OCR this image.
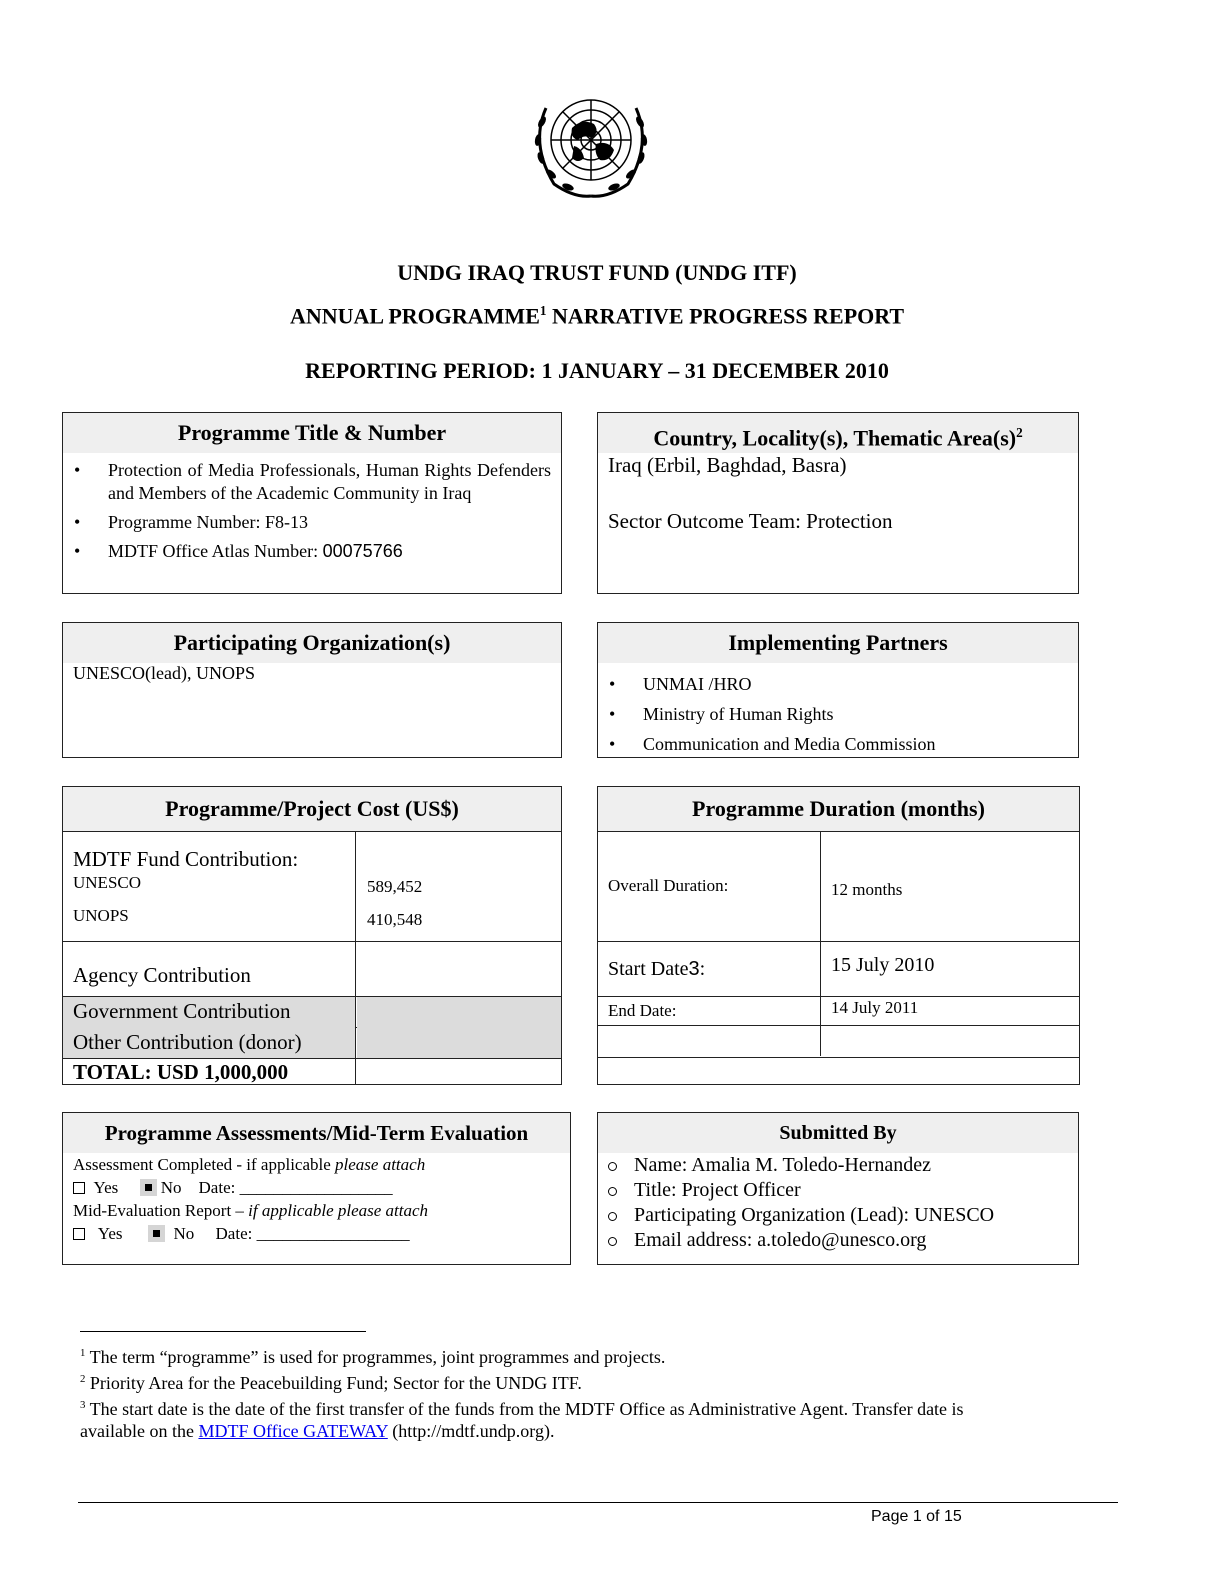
UNDG IRAQ TRUST FUND (UNDG ITF)
ANNUAL PROGRAMME$^1$ NARRATIVE PROGRESS REPORT
REPORTING PERIOD: 1 JANUARY – 31 DECEMBER 2010
Programme Title & Number
• Protection of Media Professionals, Human Rights Defenders and Members of the Academic Community in Iraq
• Programme Number: F8-13
• MDTF Office Atlas Number: 00075766
Country, Locality(s), Thematic $Area(s)^2$
Iraq (Erbil, Baghdad, Basra)
Sector Outcome Team: Protection
Participating Organization(s)
UNESCO(lead), UNOPS
Implementing Partners
• UNMAI /HRO
• Ministry of Human Rights
• Communication and Media Commission
Programme/Project Cost (US$)
MDTF Fund Contribution:
UNESCO	589,452
UNOPS	410,548
Agency Contribution
Government Contribution
Other Contribution (donor)
TOTAL: USD 1,000,000
Programme Duration (months)
Overall Duration:	12 months
Start Date3:	15 July 2010
End Date:	14 July 2011
Programme Assessments/Mid-Term Evaluation
Assessment Completed - if applicable please attach
Yes	No Date: __________________
Mid-Evaluation Report – if applicable please attach
Yes	No Date: __________________
Submitted By
Name: Amalia M. Toledo-Hernandez
Title: Project Officer
Participating Organization (Lead): UNESCO
Email address: a.toledo@unesco.org
$^1$ The term “programme” is used for programmes, joint programmes and projects.
$^2$ Priority Area for the Peacebuilding Fund; Sector for the UNDG ITF.
$^3$ The start date is the date of the first transfer of the funds from the MDTF Office as Administrative Agent. Transfer date is
available on the MDTF Office GATEWAY (http://mdtf.undp.org).
Page 1 of 15
